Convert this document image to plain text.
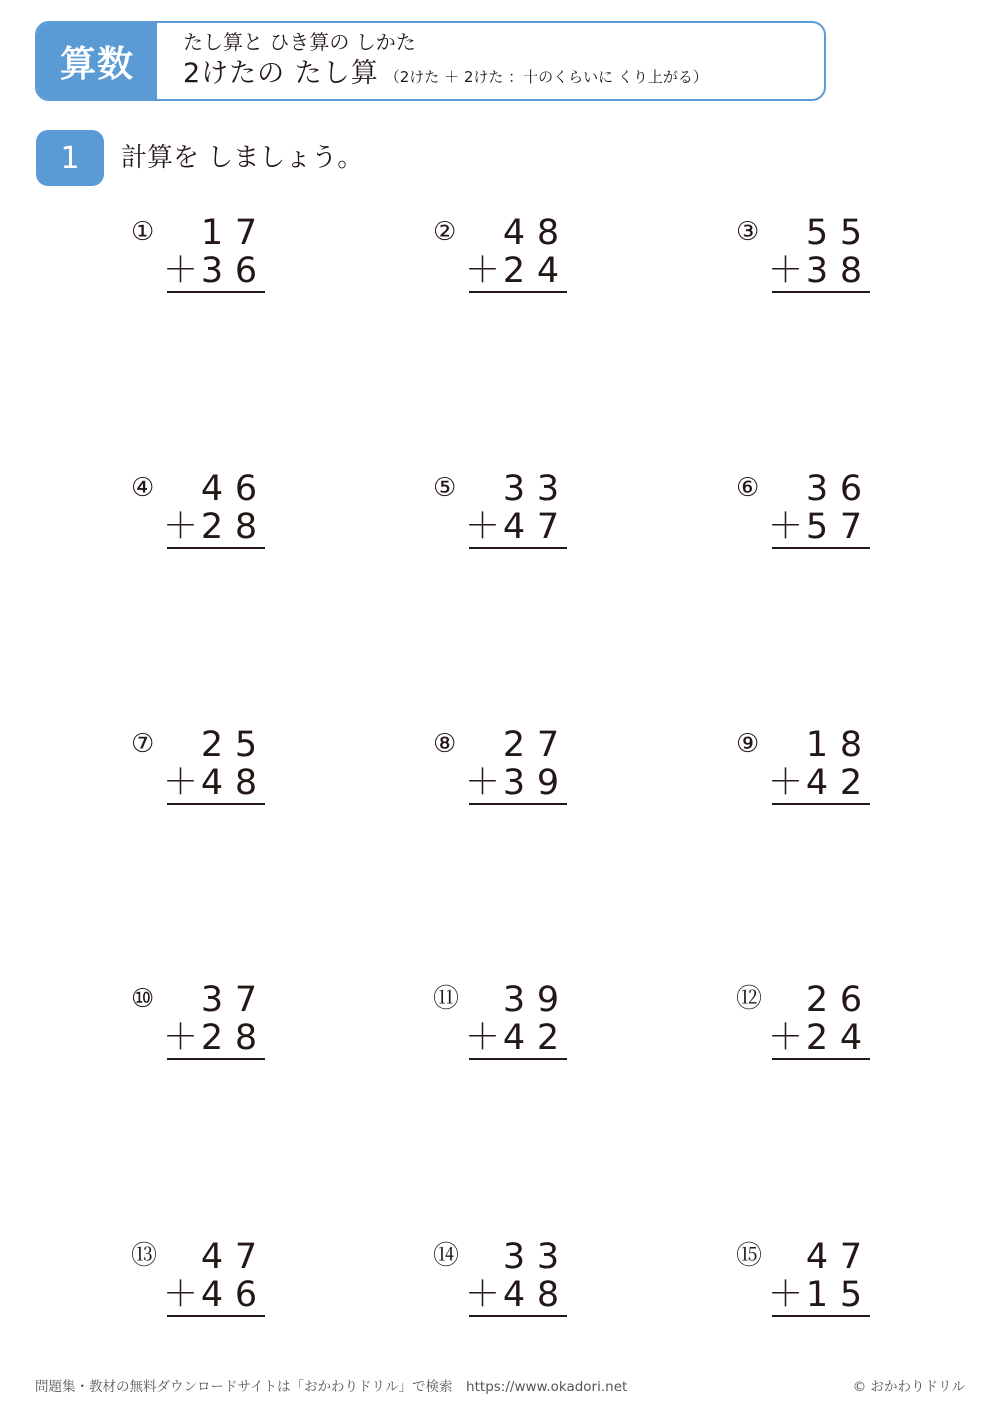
算数
たし算と ひき算の しかた
2けたの たし算 （2けた ＋ 2けた ：十のくらいに くり上がる）
1	計算を しましょう。
① 1 7
＋ 3 6
② 4 8
＋ 2 4
③ 5 5
＋ 3 8
④ 4 6
＋ 2 8
⑤ 3 3
＋ 4 7
⑥ 3 6
＋ 5 7
⑦ 2 5
＋ 4 8
⑧ 2 7
＋ 3 9
⑨ 1 8
＋ 4 2
⑩ 3 7
＋ 2 8
⑪ 3 9
＋ 4 2
⑫ 2 6
＋ 2 4
⑬ 4 7
＋ 4 6
⑭ 3 3
＋ 4 8
⑮ 4 7
＋ 1 5
問題集・教材の無料ダウンロードサイトは「おかわりドリル」で検索　https://www.okadori.net	© おかわりドリル
